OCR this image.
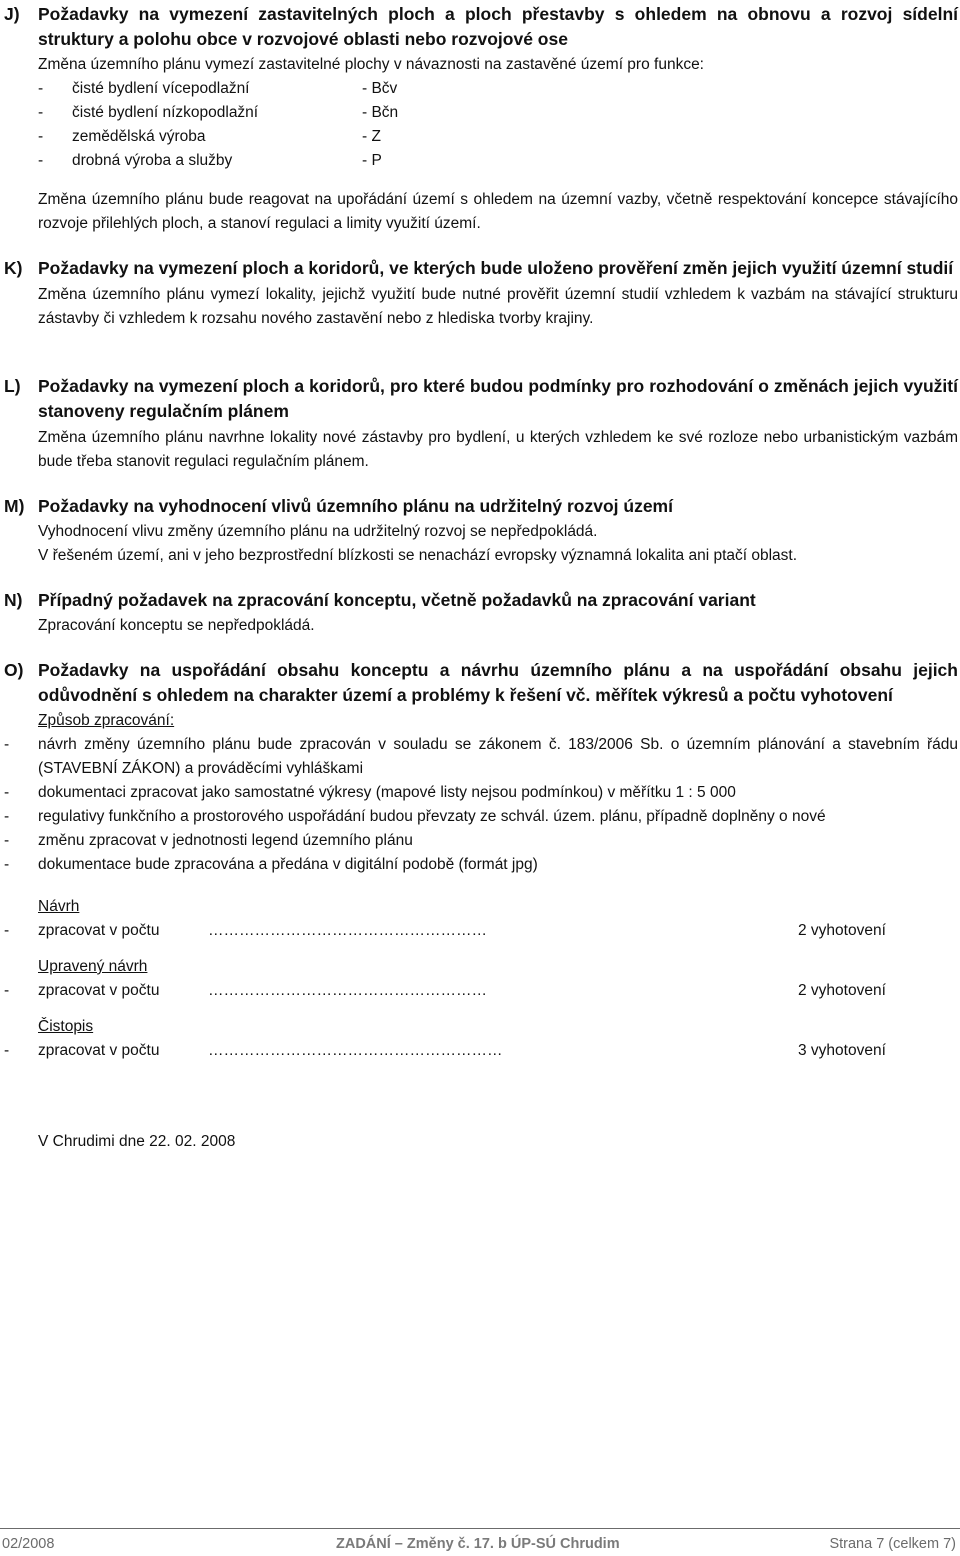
J) Požadavky na vymezení zastavitelných ploch a ploch přestavby s ohledem na obnovu a rozvoj sídelní struktury a polohu obce v rozvojové oblasti nebo rozvojové ose

Změna územního plánu vymezí zastavitelné plochy v návaznosti na zastavěné území pro funkce:

-	čisté bydlení vícepodlažní	- Bčv
-	čisté bydlení nízkopodlažní	- Bčn
-	zemědělská výroba	- Z
-	drobná výroba a služby	- P

Změna územního plánu bude reagovat na upořádání území s ohledem na územní vazby, včetně respektování koncepce stávajícího rozvoje přilehlých ploch, a stanoví regulaci a limity využití území.

K) Požadavky na vymezení ploch a koridorů, ve kterých bude uloženo prověření změn jejich využití územní studií

Změna územního plánu vymezí lokality, jejichž využití bude nutné prověřit územní studií vzhledem k vazbám na stávající strukturu zástavby či vzhledem k rozsahu nového zastavění nebo z hlediska tvorby krajiny.

L) Požadavky na vymezení ploch a koridorů, pro které budou podmínky pro rozhodování o změnách jejich využití stanoveny regulačním plánem

Změna územního plánu navrhne lokality nové zástavby pro bydlení, u kterých vzhledem ke své rozloze nebo urbanistickým vazbám bude třeba stanovit regulaci regulačním plánem.

M) Požadavky na vyhodnocení vlivů územního plánu na udržitelný rozvoj území

Vyhodnocení vlivu změny územního plánu na udržitelný rozvoj se nepředpokládá.

V řešeném území, ani v jeho bezprostřední blízkosti se nenachází evropsky významná lokalita ani ptačí oblast.

N) Případný požadavek na zpracování konceptu, včetně požadavků na zpracování variant

Zpracování konceptu se nepředpokládá.

O) Požadavky na uspořádání obsahu konceptu a návrhu územního plánu a na uspořádání obsahu jejich odůvodnění s ohledem na charakter území a problémy k řešení vč. měřítek výkresů a počtu vyhotovení

Způsob zpracování:

- návrh změny územního plánu bude zpracován v souladu se zákonem č. 183/2006 Sb. o územním plánování a stavebním řádu (STAVEBNÍ ZÁKON) a prováděcími vyhláškami
- dokumentaci zpracovat jako samostatné výkresy (mapové listy nejsou podmínkou) v měřítku 1 : 5 000
- regulativy funkčního a prostorového uspořádání budou převzaty ze schvál. územ. plánu, případně doplněny o nové
- změnu zpracovat v jednotnosti legend územního plánu
- dokumentace bude zpracována a předána v digitální podobě (formát jpg)

Návrh

-	zpracovat v počtu	………………………………………………	2 vyhotovení

Upravený návrh

-	zpracovat v počtu	………………………………………………	2 vyhotovení

Čistopis

-	zpracovat v počtu	…………………………………………………	3 vyhotovení

V Chrudimi dne 22. 02. 2008

02/2008	ZADÁNÍ – Změny č. 17. b ÚP-SÚ Chrudim	Strana 7 (celkem 7)
